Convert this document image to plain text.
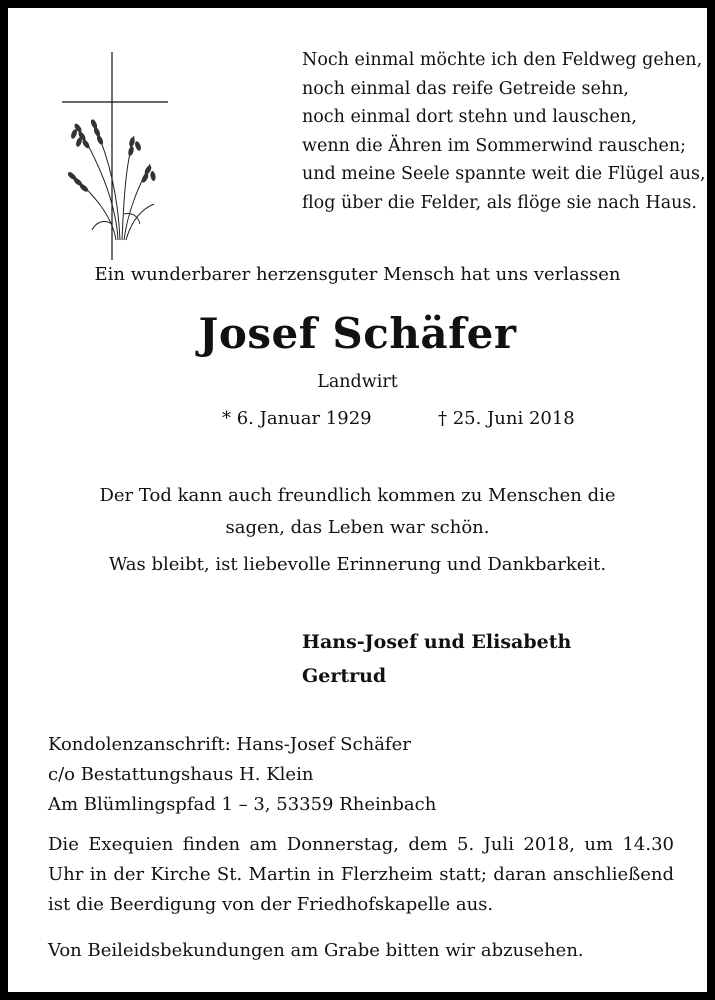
Noch einmal möchte ich den Feldweg gehen,
noch einmal das reife Getreide sehn,
noch einmal dort stehn und lauschen,
wenn die Ähren im Sommerwind rauschen;
und meine Seele spannte weit die Flügel aus,
flog über die Felder, als flöge sie nach Haus.
Ein wunderbarer herzensguter Mensch hat uns verlassen
Josef Schäfer
Landwirt
* 6. Januar 1929	† 25. Juni 2018
Der Tod kann auch freundlich kommen zu Menschen die
sagen, das Leben war schön.
Was bleibt, ist liebevolle Erinnerung und Dankbarkeit.
Hans-Josef und Elisabeth
Gertrud
Kondolenzanschrift: Hans-Josef Schäfer
c/o Bestattungshaus H. Klein
Am Blümlingspfad 1 – 3, 53359 Rheinbach
Die Exequien finden am Donnerstag, dem 5. Juli 2018, um 14.30 Uhr in der Kirche St. Martin in Flerzheim statt; daran anschließend ist die Beerdigung von der Friedhofskapelle aus.
Von Beileidsbekundungen am Grabe bitten wir abzusehen.
